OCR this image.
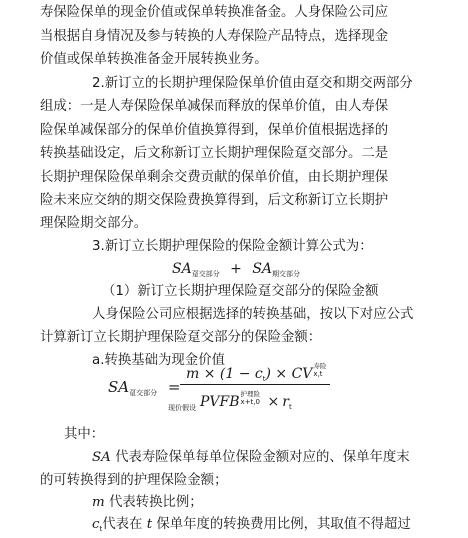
寿保险保单的现金价值或保单转换准备金。人身保险公司应
当根据自身情况及参与转换的人寿保险产品特点，选择现金
价值或保单转换准备金开展转换业务。
2.新订立的长期护理保险保单价值由趸交和期交两部分
组成：一是人寿保险保单减保而释放的保单价值，由人寿保
险保单减保部分的保单价值换算得到，保单价值根据选择的
转换基础设定，后文称新订立长期护理保险趸交部分。二是
长期护理保险保单剩余交费贡献的保单价值，由长期护理保
险未来应交纳的期交保险费换算得到，后文称新订立长期护
理保险期交部分。
3.新订立长期护理保险的保险金额计算公式为：
$SA_{趸交部分} + SA_{期交部分}$
（1）新订立长期护理保险趸交部分的保险金额
人身保险公司应根据选择的转换基础，按以下对应公式
计算新订立长期护理保险趸交部分的保险金额：
a.转换基础为现金价值
$SA_{趸交部分}$ =
$m \times (1 - c_t)$ × CV 寿险
x,t
$_{现价假设}$ PVFB 护理险
$x+t,0 \times r_t$
其中：
SA 代表寿险保单每单位保险金额对应的、保单年度末
的可转换得到的护理保险金额；
m 代表转换比例；
$c_t$代表在 t 保单年度的转换费用比例，其取值不得超过
